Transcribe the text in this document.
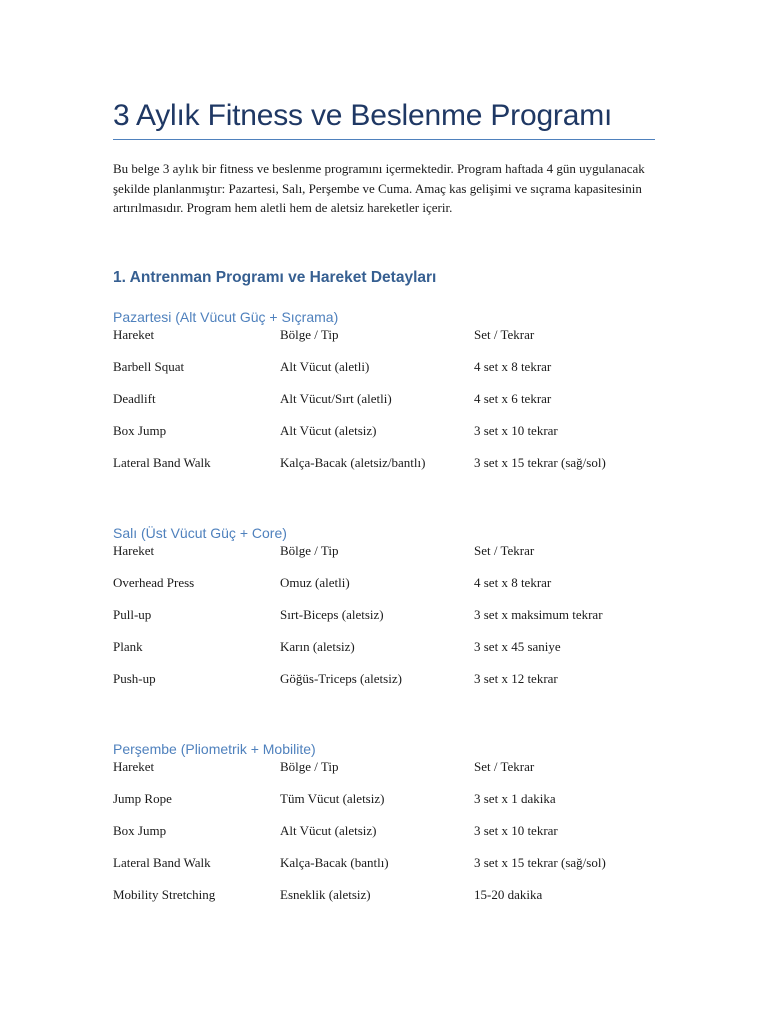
3 Aylık Fitness ve Beslenme Programı

Bu belge 3 aylık bir fitness ve beslenme programını içermektedir. Program haftada 4 gün uygulanacak şekilde planlanmıştır: Pazartesi, Salı, Perşembe ve Cuma. Amaç kas gelişimi ve sıçrama kapasitesinin artırılmasıdır. Program hem aletli hem de aletsiz hareketler içerir.

1. Antrenman Programı ve Hareket Detayları
Pazartesi (Alt Vücut Güç + Sıçrama)
Hareket	Bölge / Tip	Set / Tekrar
Barbell Squat	Alt Vücut (aletli)	4 set x 8 tekrar
Deadlift	Alt Vücut/Sırt (aletli)	4 set x 6 tekrar
Box Jump	Alt Vücut (aletsiz)	3 set x 10 tekrar
Lateral Band Walk	Kalça-Bacak (aletsiz/bantlı)	3 set x 15 tekrar (sağ/sol)
Salı (Üst Vücut Güç + Core)
Hareket	Bölge / Tip	Set / Tekrar
Overhead Press	Omuz (aletli)	4 set x 8 tekrar
Pull-up	Sırt-Biceps (aletsiz)	3 set x maksimum tekrar
Plank	Karın (aletsiz)	3 set x 45 saniye
Push-up	Göğüs-Triceps (aletsiz)	3 set x 12 tekrar
Perşembe (Pliometrik + Mobilite)
Hareket	Bölge / Tip	Set / Tekrar
Jump Rope	Tüm Vücut (aletsiz)	3 set x 1 dakika
Box Jump	Alt Vücut (aletsiz)	3 set x 10 tekrar
Lateral Band Walk	Kalça-Bacak (bantlı)	3 set x 15 tekrar (sağ/sol)
Mobility Stretching	Esneklik (aletsiz)	15-20 dakika
